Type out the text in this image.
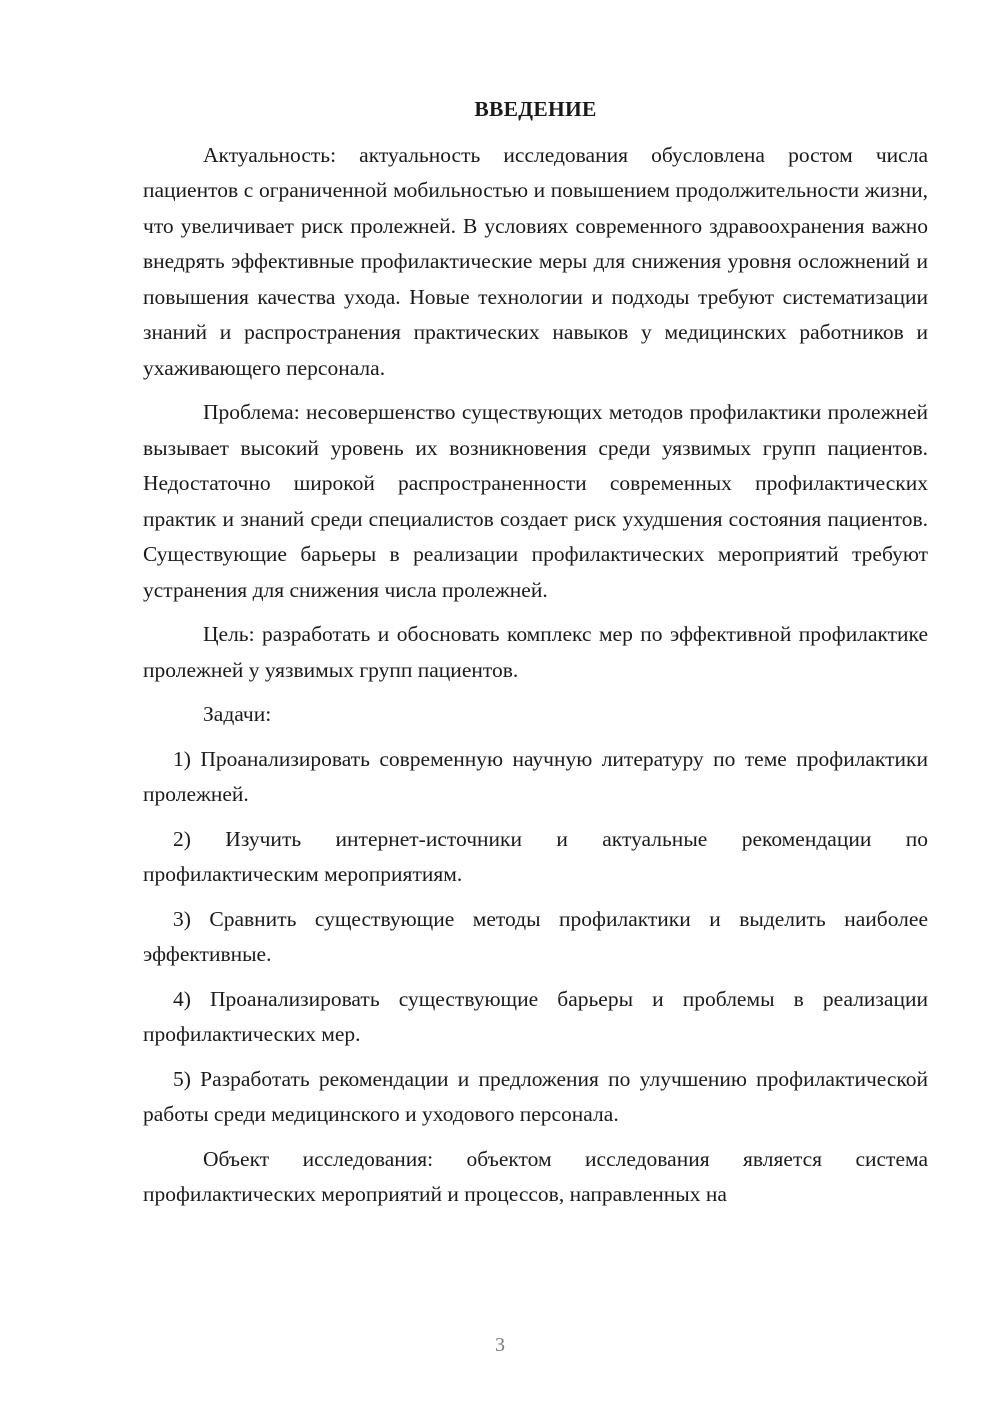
ВВЕДЕНИЕ

Актуальность: актуальность исследования обусловлена ростом числа пациентов с ограниченной мобильностью и повышением продолжительности жизни, что увеличивает риск пролежней. В условиях современного здравоохранения важно внедрять эффективные профилактические меры для снижения уровня осложнений и повышения качества ухода. Новые технологии и подходы требуют систематизации знаний и распространения практических навыков у медицинских работников и ухаживающего персонала.

Проблема: несовершенство существующих методов профилактики пролежней вызывает высокий уровень их возникновения среди уязвимых групп пациентов. Недостаточно широкой распространенности современных профилактических практик и знаний среди специалистов создает риск ухудшения состояния пациентов. Существующие барьеры в реализации профилактических мероприятий требуют устранения для снижения числа пролежней.

Цель: разработать и обосновать комплекс мер по эффективной профилактике пролежней у уязвимых групп пациентов.

Задачи:

1) Проанализировать современную научную литературу по теме профилактики пролежней.

2) Изучить интернет-источники и актуальные рекомендации по профилактическим мероприятиям.

3) Сравнить существующие методы профилактики и выделить наиболее эффективные.

4) Проанализировать существующие барьеры и проблемы в реализации профилактических мер.

5) Разработать рекомендации и предложения по улучшению профилактической работы среди медицинского и уходового персонала.

Объект исследования: объектом исследования является система профилактических мероприятий и процессов, направленных на

3
